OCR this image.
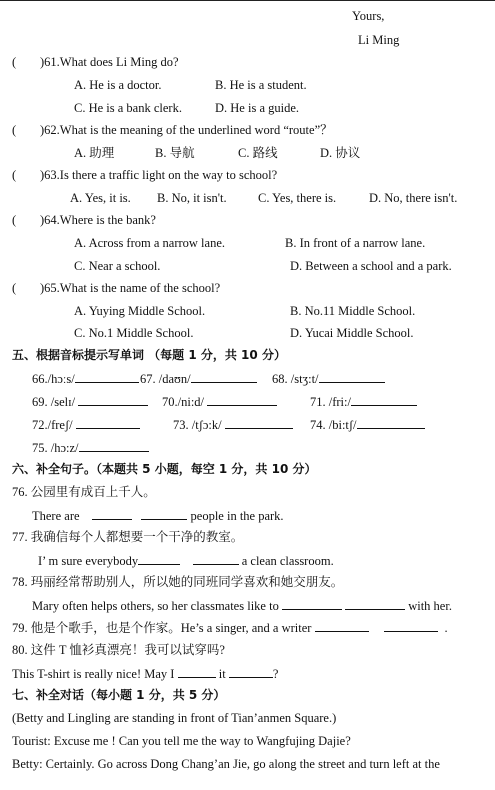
Yours,
Li Ming
( )61.What does Li Ming do?
A. He is a doctor.	B. He is a student.
C. He is a bank clerk.	D. He is a guide.
( )62.What is the meaning of the underlined word “route”？
A. 助理	B. 导航	C. 路线	D. 协议
( )63.Is there a traffic light on the way to school?
A. Yes, it is. B. No, it isn't.	C. Yes, there is.	D. No, there isn't.
( )64.Where is the bank?
A. Across from a narrow lane.	B. In front of a narrow lane.
C. Near a school.	D. Between a school and a park.
( )65.What is the name of the school?
A. Yuying Middle School.	B. No.11 Middle School.
C. No.1 Middle School.	D. Yucai Middle School.
五、根据音标提示写单词 （每题 1 分，共 10 分）
66./hɔːs/	67. /daʊn/	68. /stʒ:t/
69. /selɪ/	70./ni:d/	71. /fri:/
72./freʃ/	73. /tʃɔ:k/	74. /bi:tʃ/
75. /hɔ:z/
六、补全句子。（本题共 5 小题，每空 1 分，共 10 分）
76. 公园里有成百上千人。
There are	people in the park.
77. 我确信每个人都想要一个干净的教室。
I’ m sure everybody	a clean classroom.
78. 玛丽经常帮助别人，所以她的同班同学喜欢和她交朋友。
Mary often helps others, so her classmates like to	with her.
79. 他是个歌手，也是个作家。He’s a singer, and a writer	.
80. 这件 T 恤衫真漂亮！我可以试穿吗?
This T-shirt is really nice! May I	it	?
七、补全对话（每小题 1 分，共 5 分）
(Betty and Lingling are standing in front of Tian’anmen Square.)
Tourist: Excuse me ! Can you tell me the way to Wangfujing Dajie?
Betty: Certainly. Go across Dong Chang’an Jie, go along the street and turn left at the
